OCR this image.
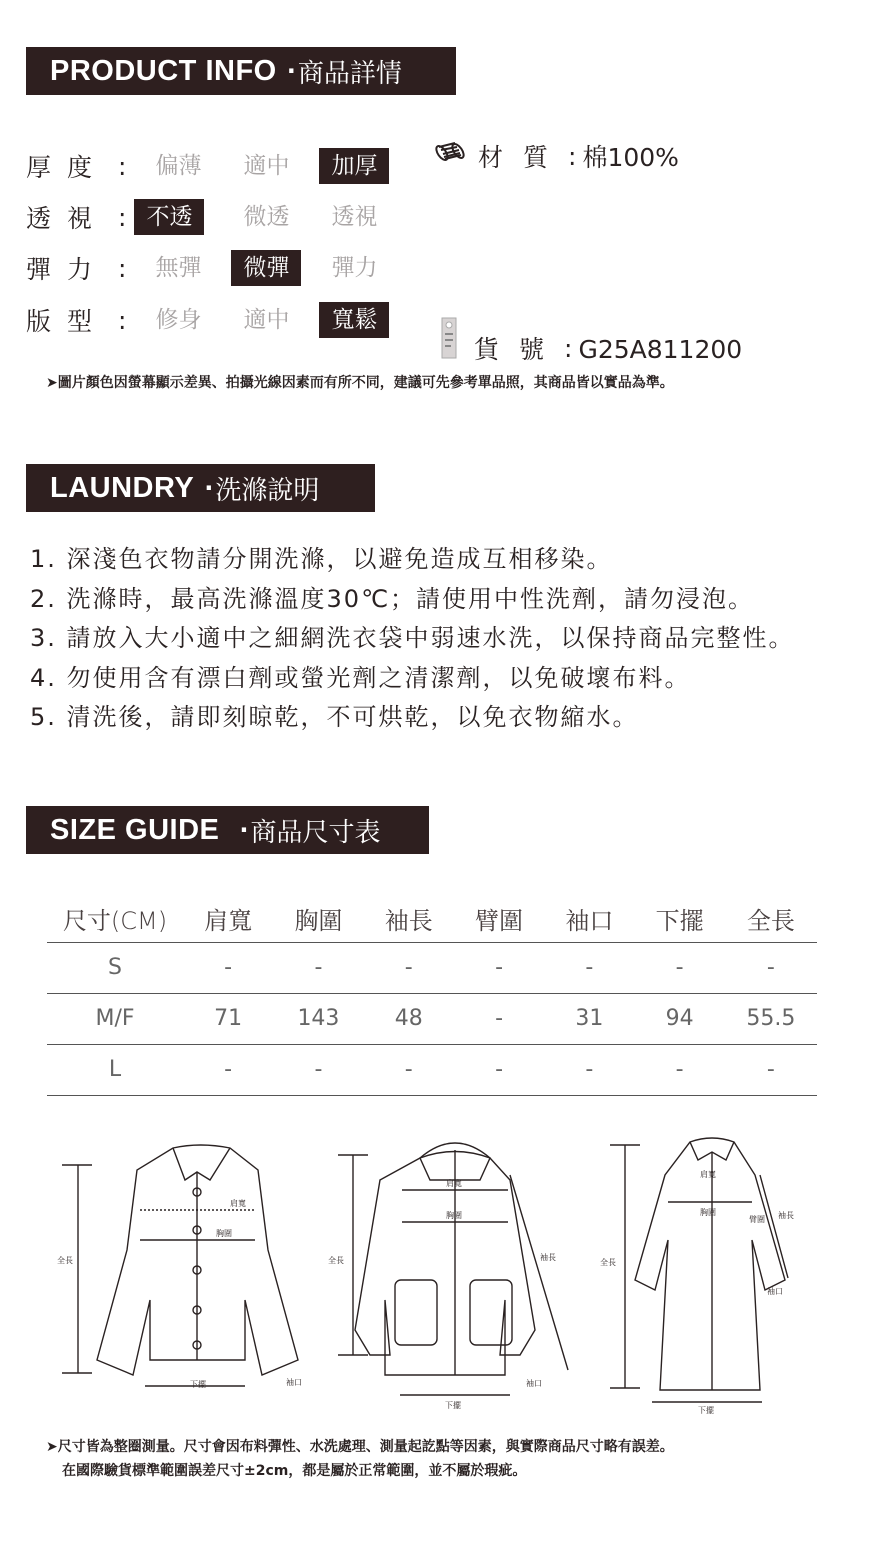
PRODUCT INFO · 商品詳情
厚度 :	偏薄	適中	加厚
透視 : 不透	微透	透視
彈力 :	無彈	微彈	彈力
版型 :	修身	適中	寬鬆
材質 : 棉100%
貨號 : G25A811200
➤圖片顏色因螢幕顯示差異、拍攝光線因素而有所不同，建議可先參考單品照，其商品皆以實品為準。
LAUNDRY · 洗滌說明
1. 深淺色衣物請分開洗滌，以避免造成互相移染。
2. 洗滌時，最高洗滌溫度30℃；請使用中性洗劑，請勿浸泡。
3. 請放入大小適中之細網洗衣袋中弱速水洗，以保持商品完整性。
4. 勿使用含有漂白劑或螢光劑之清潔劑，以免破壞布料。
5. 清洗後，請即刻晾乾，不可烘乾，以免衣物縮水。
SIZE GUIDE · 商品尺寸表
尺寸(CM)	肩寬	胸圍	袖長	臂圍	袖口	下擺	全長
S	-	-	-	-	-	-	-
M/F	71	143	48	-	31	94	55.5
L	-	-	-	-	-	-	-
全長
肩寬
胸圍
袖口
下擺
全長
肩寬
胸圍
袖長
袖口
下擺
全長
肩寬
胸圍
臂圍 袖長
袖口
下擺
➤尺寸皆為整圈測量。尺寸會因布料彈性、水洗處理、測量起訖點等因素，與實際商品尺寸略有誤差。
在國際驗貨標準範圍誤差尺寸±2cm，都是屬於正常範圍，並不屬於瑕疵。
